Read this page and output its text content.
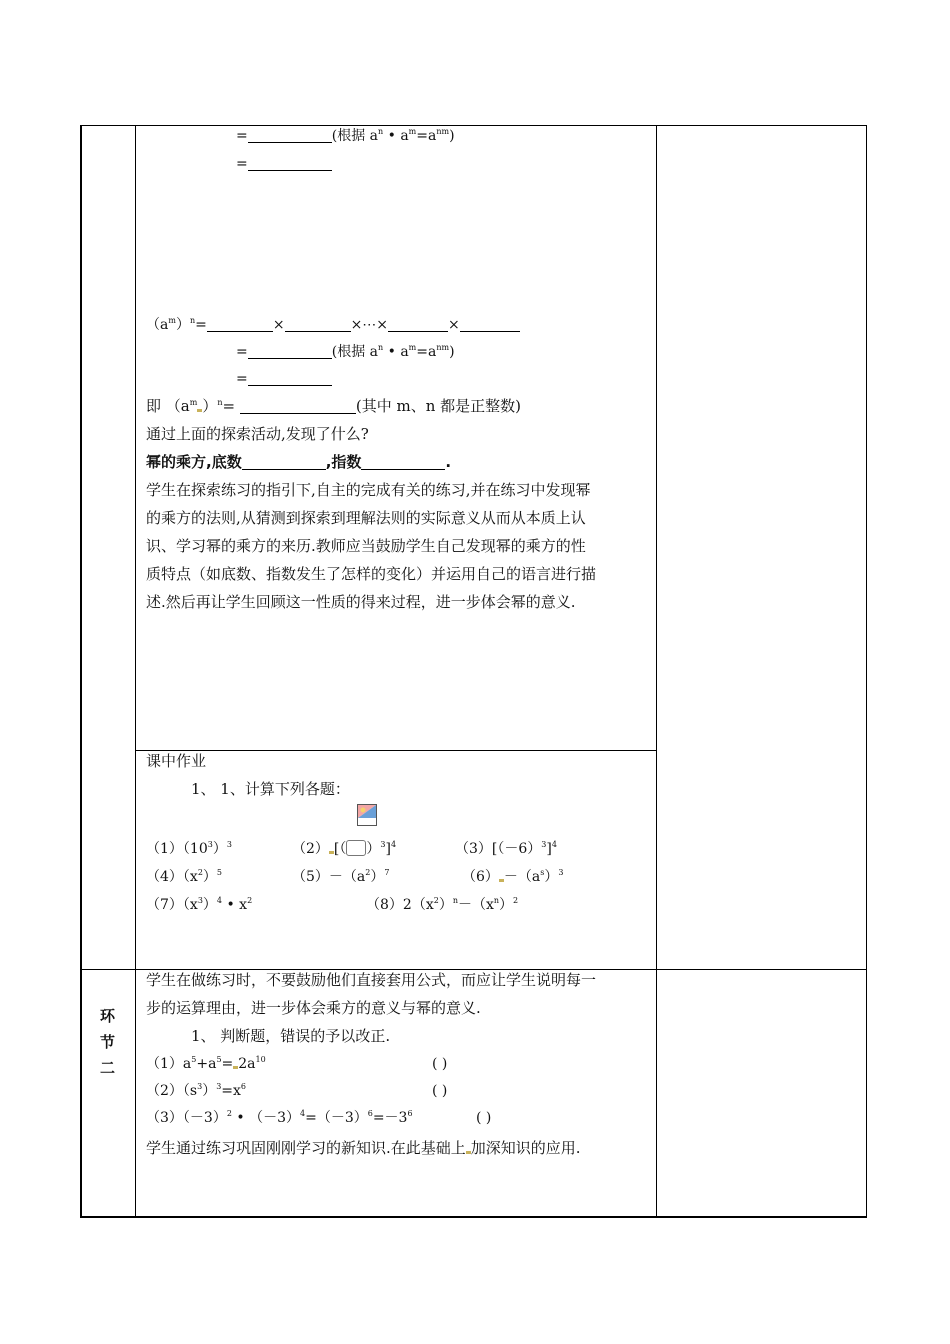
=	(根据 $a^n$ • $a^m=a^{nm}$)
=
$(a^m)^n=$	×	×⋯×	×
=	(根据 $a^n$ • $a^m=a^{nm}$)
=
即 （$a^m$ ）$^n$=	(其中 m、n 都是正整数)
通过上面的探索活动,发现了什么?
幂的乘方,底数	,指数	.
学生在探索练习的指引下,自主的完成有关的练习,并在练习中发现幂
的乘方的法则,从猜测到探索到理解法则的实际意义从而从本质上认
识、学习幂的乘方的来历.教师应当鼓励学生自己发现幂的乘方的性
质特点（如底数、指数发生了怎样的变化）并运用自己的语言进行描
述.然后再让学生回顾这一性质的得来过程，进一步体会幂的意义.
课中作业
1、 1、计算下列各题：
$(1)(10^3)^3$	（2） [（ ）$^3$]$^4$	$(3)[(-6)^3]^4$
$(4)(x^2)^5$	$(5)-(a^2)^7$	$(6) -(a^s)^3$
$(7)(x^3)^4$ • $x^2$	$(8)2(x^2)^n-(x^n)^2$
环
节
二
学生在做练习时，不要鼓励他们直接套用公式，而应让学生说明每一
步的运算理由，进一步体会乘方的意义与幂的意义.
1、 判断题，错误的予以改正.
$(1)a^5+a^5= 2a^{10}$	( )
$(2)(s^3)^3=x^6$	( )
$(3)(-3)^2$ • $(-3)^4=(-3)^6=-3^6$	( )
学生通过练习巩固刚刚学习的新知识.在此基础上 加深知识的应用.
